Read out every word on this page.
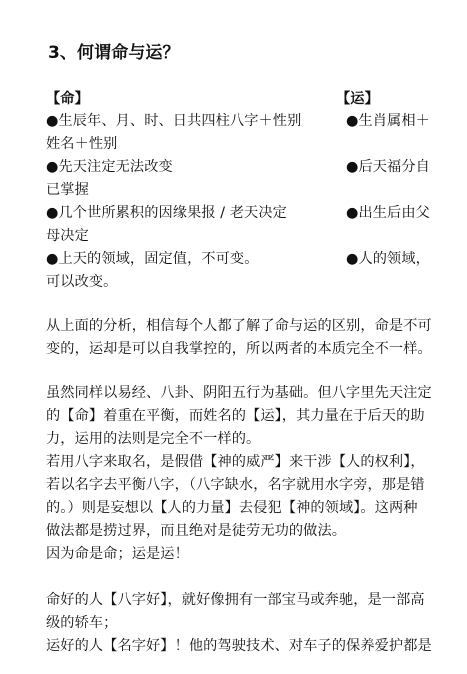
3、何谓命与运？
【命】
●生辰年、月、时、日共四柱八字＋性别
姓名＋性别
●先天注定无法改变
已掌握
●几个世所累积的因缘果报 / 老天决定
母决定
●上天的领域，固定值，不可变。
可以改变。
【运】
●生肖属相＋
●后天福分自
●出生后由父
●人的领域，
从上面的分析，相信每个人都了解了命与运的区别，命是不可
变的，运却是可以自我掌控的，所以两者的本质完全不一样。
虽然同样以易经、八卦、阴阳五行为基础。但八字里先天注定
的【命】着重在平衡，而姓名的【运】，其力量在于后天的助
力，运用的法则是完全不一样的。
若用八字来取名，是假借【神的威严】来干涉【人的权利】，
若以名字去平衡八字，（八字缺水，名字就用水字旁，那是错
的。）则是妄想以【人的力量】去侵犯【神的领域】。这两种
做法都是捞过界，而且绝对是徒劳无功的做法。
因为命是命；运是运！
命好的人【八字好】，就好像拥有一部宝马或奔驰，是一部高
级的轿车；
运好的人【名字好】！他的驾驶技术、对车子的保养爱护都是
